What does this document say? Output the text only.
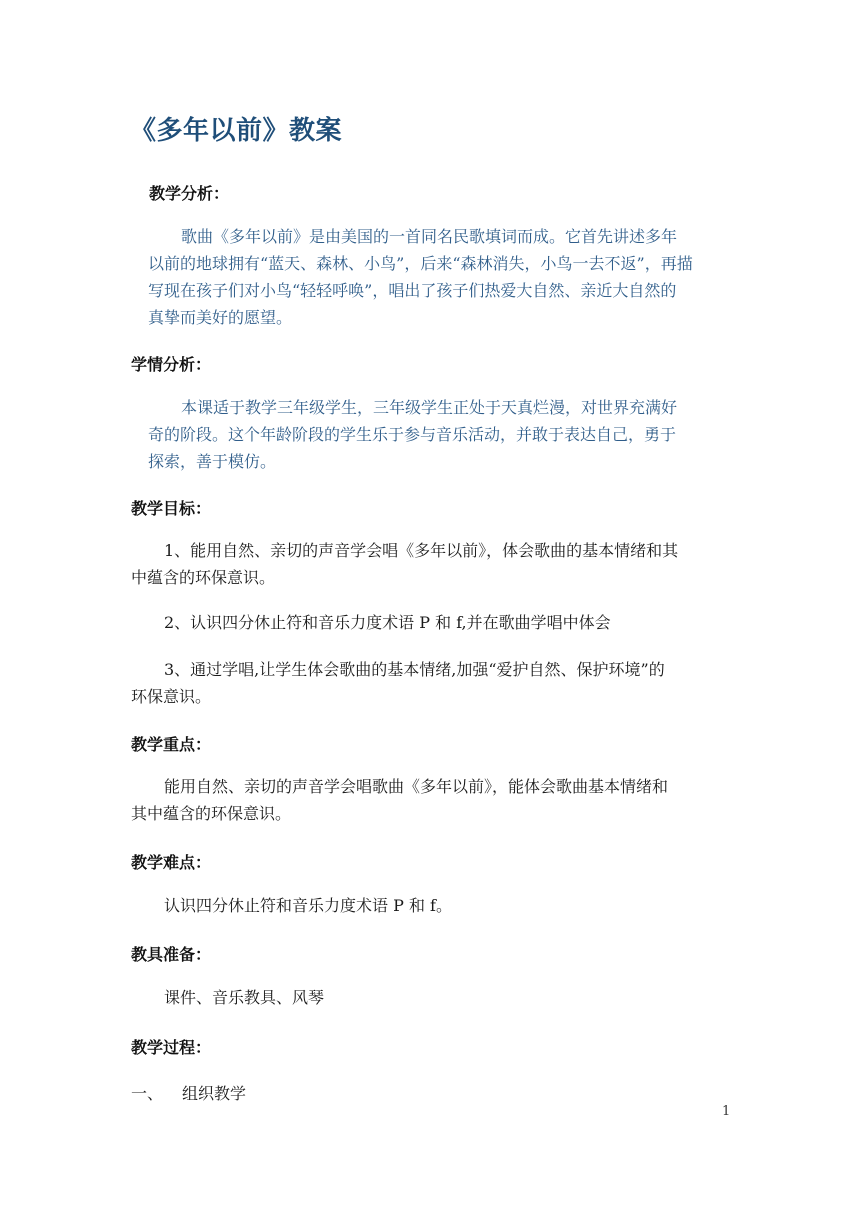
《多年以前》教案
教学分析：
歌曲《多年以前》是由美国的一首同名民歌填词而成。它首先讲述多年
以前的地球拥有“蓝天、森林、小鸟”，后来“森林消失，小鸟一去不返”，再描
写现在孩子们对小鸟“轻轻呼唤”，唱出了孩子们热爱大自然、亲近大自然的
真挚而美好的愿望。
学情分析：
本课适于教学三年级学生，三年级学生正处于天真烂漫，对世界充满好
奇的阶段。这个年龄阶段的学生乐于参与音乐活动，并敢于表达自己，勇于
探索，善于模仿。
教学目标：
1、能用自然、亲切的声音学会唱《多年以前》，体会歌曲的基本情绪和其
中蕴含的环保意识。
2、认识四分休止符和音乐力度术语 P 和 f,并在歌曲学唱中体会
3、通过学唱,让学生体会歌曲的基本情绪,加强“爱护自然、保护环境”的
环保意识。
教学重点：
能用自然、亲切的声音学会唱歌曲《多年以前》，能体会歌曲基本情绪和
其中蕴含的环保意识。
教学难点：
认识四分休止符和音乐力度术语 P 和 f。
教具准备：
课件、音乐教具、风琴
教学过程：
一、 组织教学
1
